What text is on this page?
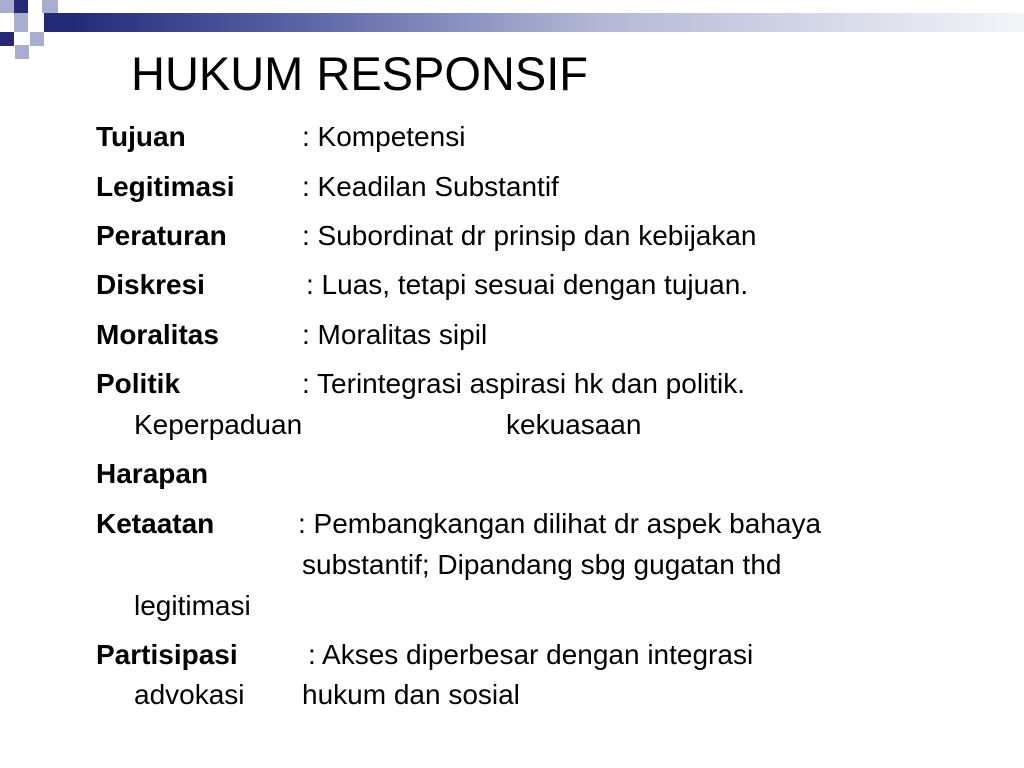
HUKUM RESPONSIF
Tujuan	: Kompetensi
Legitimasi : Keadilan Substantif
Peraturan	: Subordinat dr prinsip dan kebijakan
Diskresi	: Luas, tetapi sesuai dengan tujuan.
Moralitas	: Moralitas sipil
Politik	: Terintegrasi aspirasi hk dan politik.
Keperpaduan	kekuasaan
Harapan
Ketaatan	: Pembangkangan dilihat dr aspek bahaya
substantif; Dipandang sbg gugatan thd
legitimasi
Partisipasi	: Akses diperbesar dengan integrasi
advokasi hukum dan sosial
